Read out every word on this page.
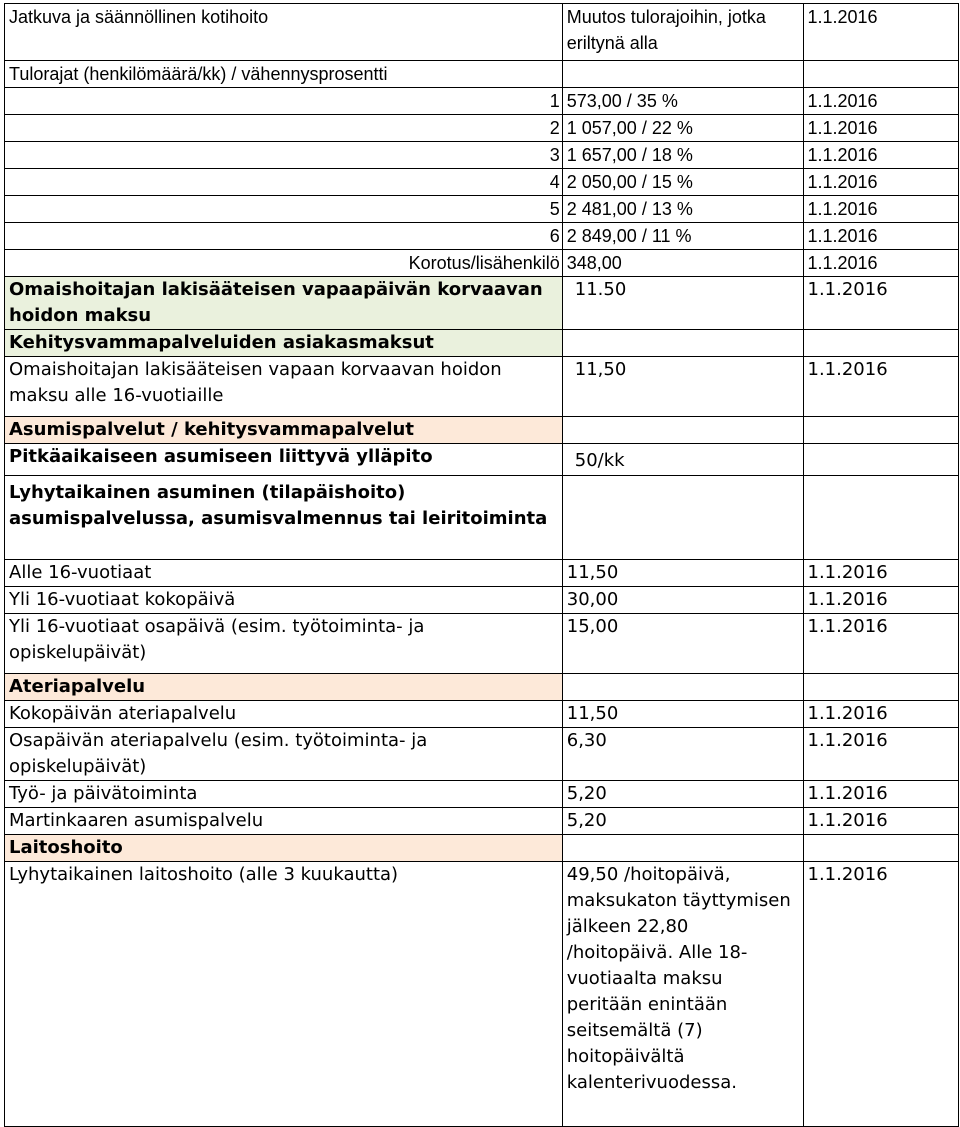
Jatkuva ja säännöllinen kotihoito	Muutos tulorajoihin, jotka eriltynä alla	1.1.2016
Tulorajat (henkilömäärä/kk) / vähennysprosentti		
1	573,00 / 35 %	1.1.2016
2	1 057,00 / 22 %	1.1.2016
3	1 657,00 / 18 %	1.1.2016
4	2 050,00 / 15 %	1.1.2016
5	2 481,00 / 13 %	1.1.2016
6	2 849,00 / 11 %	1.1.2016
Korotus/lisähenkilö	348,00	1.1.2016
Omaishoitajan lakisääteisen vapaapäivän korvaavan hoidon maksu	11.50	1.1.2016
Kehitysvammapalveluiden asiakasmaksut		
Omaishoitajan lakisääteisen vapaan korvaavan hoidon maksu alle 16-vuotiaille	11,50	1.1.2016
Asumispalvelut / kehitysvammapalvelut		
Pitkäaikaiseen asumiseen liittyvä ylläpito	50/kk	
Lyhytaikainen asuminen (tilapäishoito) asumispalvelussa, asumisvalmennus tai leiritoiminta		
Alle 16-vuotiaat	11,50	1.1.2016
Yli 16-vuotiaat kokopäivä	30,00	1.1.2016
Yli 16-vuotiaat osapäivä (esim. työtoiminta- ja opiskelupäivät)	15,00	1.1.2016
Ateriapalvelu		
Kokopäivän ateriapalvelu	11,50	1.1.2016
Osapäivän ateriapalvelu (esim. työtoiminta- ja opiskelupäivät)	6,30	1.1.2016
Työ- ja päivätoiminta	5,20	1.1.2016
Martinkaaren asumispalvelu	5,20	1.1.2016
Laitoshoito		
Lyhytaikainen laitoshoito (alle 3 kuukautta)	49,50 /hoitopäivä, maksukaton täyttymisen jälkeen 22,80 /hoitopäivä. Alle 18-vuotiaalta maksu peritään enintään seitsemältä (7) hoitopäivältä kalenterivuodessa.	1.1.2016
